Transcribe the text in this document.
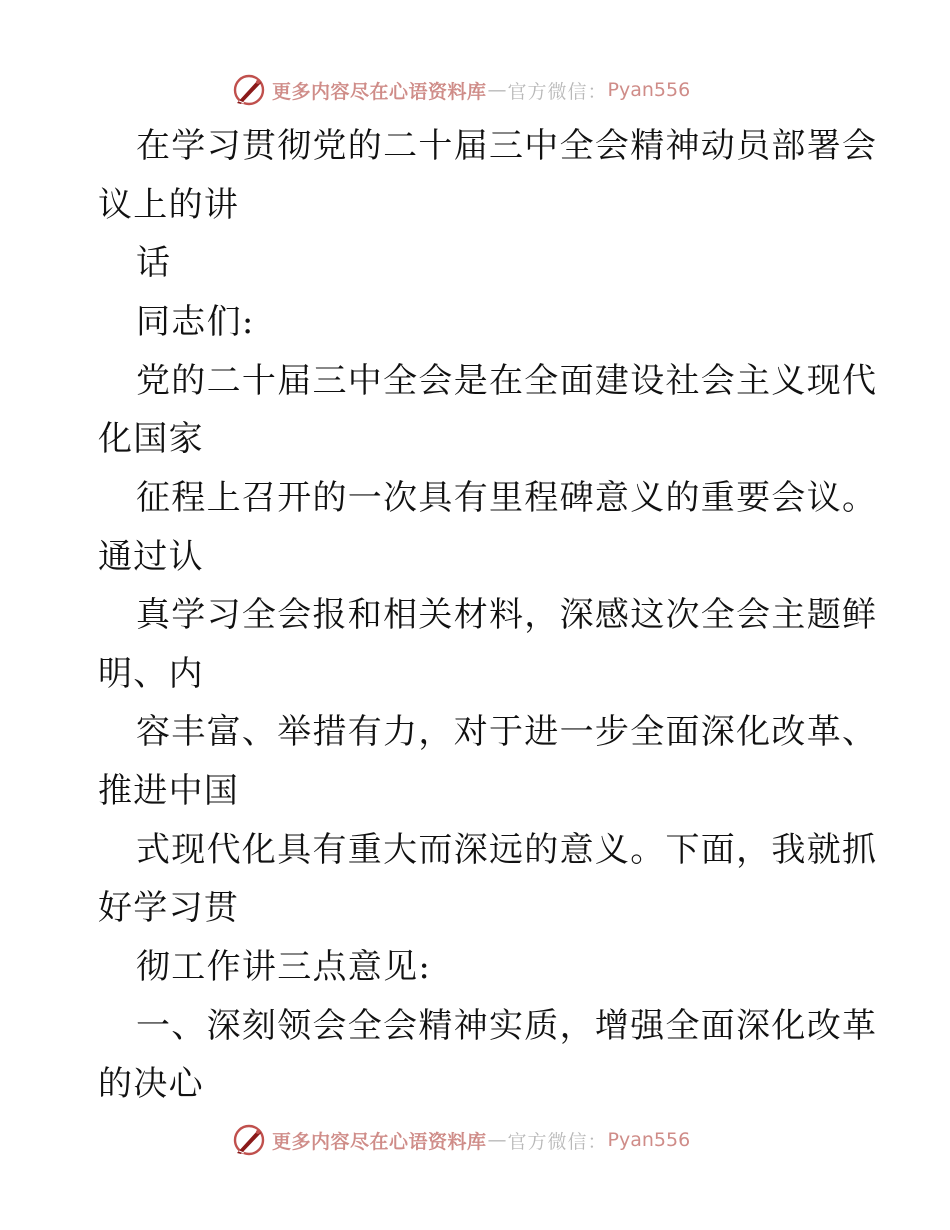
更多内容尽在心语资料库 — 官方微信： Pyan556
在学习贯彻党的二十届三中全会精神动员部署会
议上的讲
话
同志们:
党的二十届三中全会是在全面建设社会主义现代
化国家
征程上召开的一次具有里程碑意义的重要会议。
通过认
真学习全会报和相关材料，深感这次全会主题鲜
明、内
容丰富、举措有力，对于进一步全面深化改革、
推进中国
式现代化具有重大而深远的意义。下面，我就抓
好学习贯
彻工作讲三点意见:
一、深刻领会全会精神实质，增强全面深化改革
的决心
更多内容尽在心语资料库 — 官方微信： Pyan556
